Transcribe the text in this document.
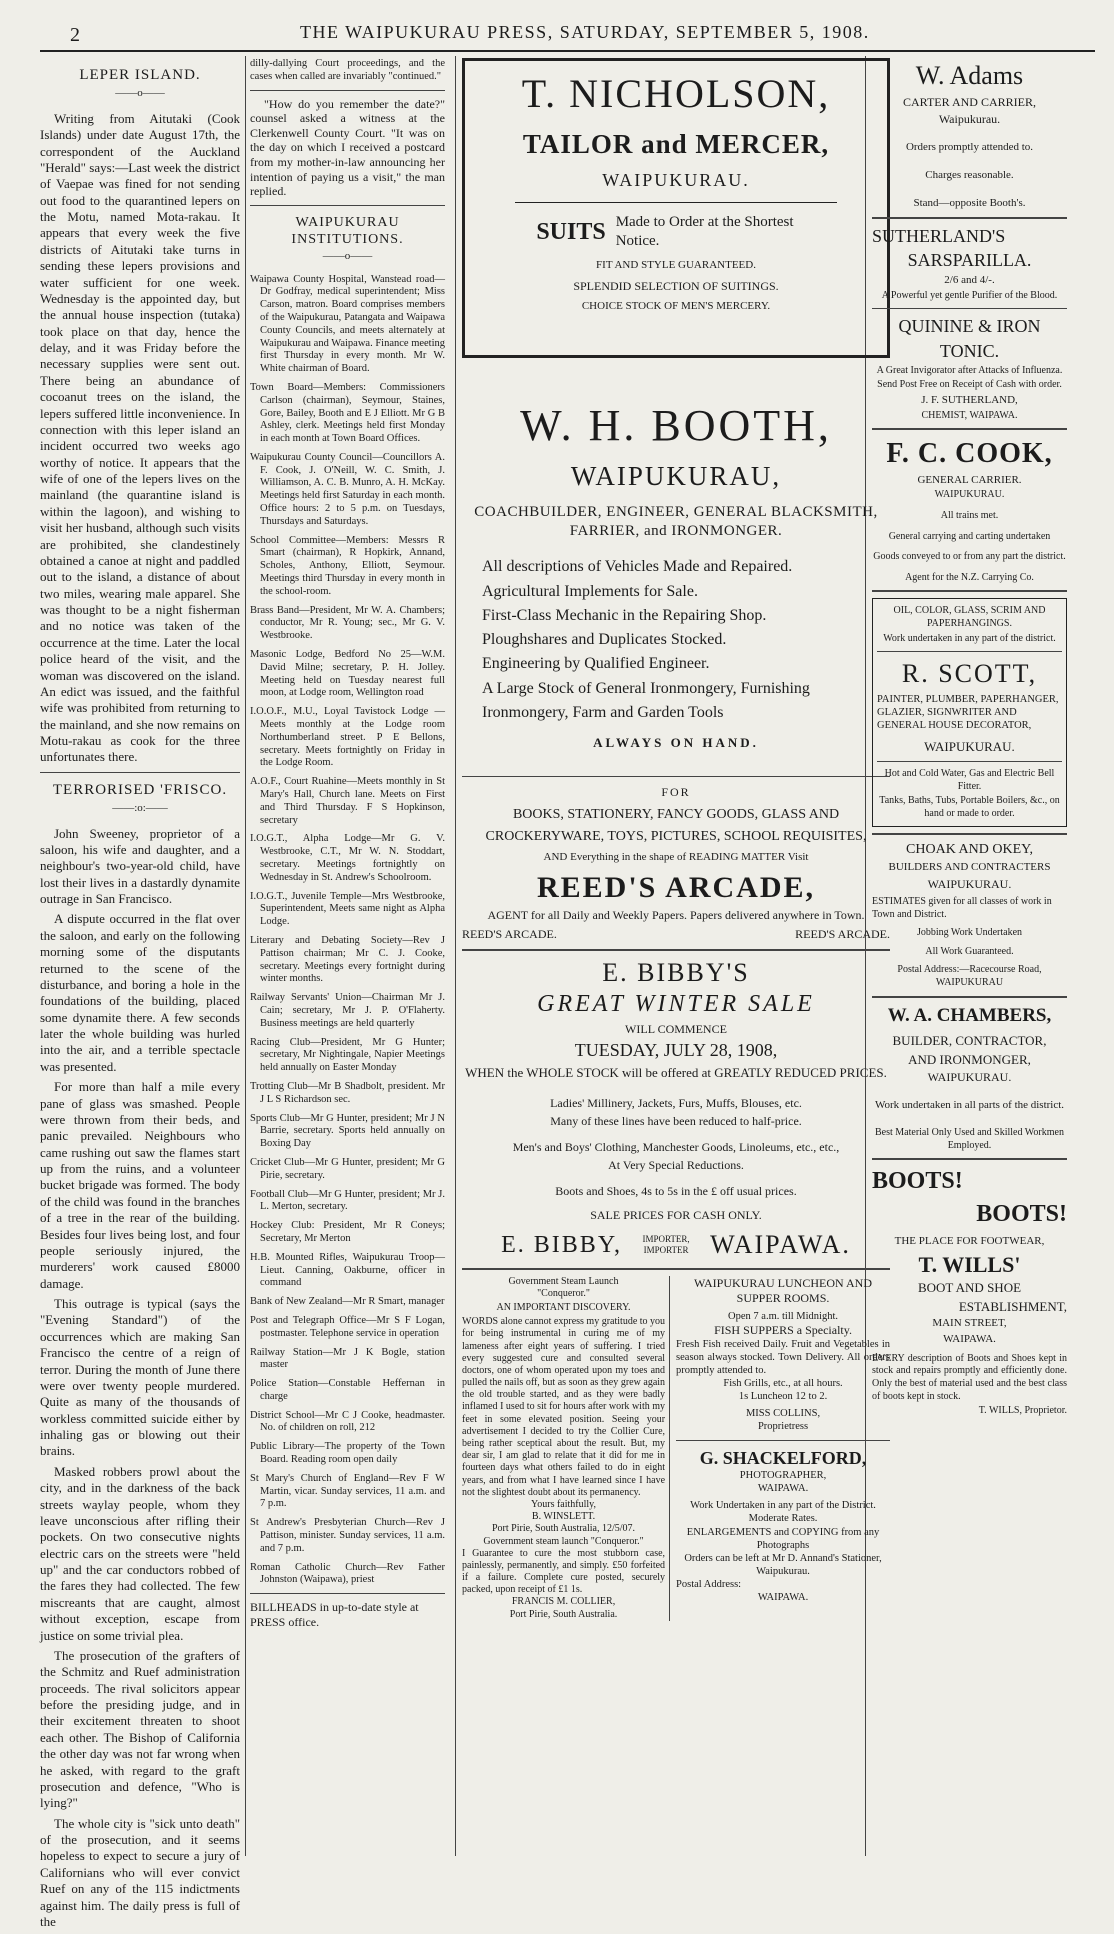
2	THE WAIPUKURAU PRESS, SATURDAY, SEPTEMBER 5, 1908.
LEPER ISLAND.
——o——

Writing from Aitutaki (Cook Islands) under date August 17th, the correspondent of the Auckland "Herald" says:—Last week the district of Vaepae was fined for not sending out food to the quarantined lepers on the Motu, named Mota-rakau. It appears that every week the five districts of Aitutaki take turns in sending these lepers provisions and water sufficient for one week. Wednesday is the appointed day, but the annual house inspection (tutaka) took place on that day, hence the delay, and it was Friday before the necessary supplies were sent out. There being an abundance of cocoanut trees on the island, the lepers suffered little inconvenience. In connection with this leper island an incident occurred two weeks ago worthy of notice. It appears that the wife of one of the lepers lives on the mainland (the quarantine island is within the lagoon), and wishing to visit her husband, although such visits are prohibited, she clandestinely obtained a canoe at night and paddled out to the island, a distance of about two miles, wearing male apparel. She was thought to be a night fisherman and no notice was taken of the occurrence at the time. Later the local police heard of the visit, and the woman was discovered on the island. An edict was issued, and the faithful wife was prohibited from returning to the mainland, and she now remains on Motu-rakau as cook for the three unfortunates there.

TERRORISED 'FRISCO.
——:o:——

John Sweeney, proprietor of a saloon, his wife and daughter, and a neighbour's two-year-old child, have lost their lives in a dastardly dynamite outrage in San Francisco.

A dispute occurred in the flat over the saloon, and early on the following morning some of the disputants returned to the scene of the disturbance, and boring a hole in the foundations of the building, placed some dynamite there. A few seconds later the whole building was hurled into the air, and a terrible spectacle was presented.

For more than half a mile every pane of glass was smashed. People were thrown from their beds, and panic prevailed. Neighbours who came rushing out saw the flames start up from the ruins, and a volunteer bucket brigade was formed. The body of the child was found in the branches of a tree in the rear of the building. Besides four lives being lost, and four people seriously injured, the murderers' work caused £8000 damage.

This outrage is typical (says the "Evening Standard") of the occurrences which are making San Francisco the centre of a reign of terror. During the month of June there were over twenty people murdered. Quite as many of the thousands of workless committed suicide either by inhaling gas or blowing out their brains.

Masked robbers prowl about the city, and in the darkness of the back streets waylay people, whom they leave unconscious after rifling their pockets. On two consecutive nights electric cars on the streets were "held up" and the car conductors robbed of the fares they had collected. The few miscreants that are caught, almost without exception, escape from justice on some trivial plea.

The prosecution of the grafters of the Schmitz and Ruef administration proceeds. The rival solicitors appear before the presiding judge, and in their excitement threaten to shoot each other. The Bishop of California the other day was not far wrong when he asked, with regard to the graft prosecution and defence, "Who is lying?"

The whole city is "sick unto death" of the prosecution, and it seems hopeless to expect to secure a jury of Californians who will ever convict Ruef on any of the 115 indictments against him. The daily press is full of the

dilly-dallying Court proceedings, and the cases when called are invariably "continued."

"How do you remember the date?" counsel asked a witness at the Clerkenwell County Court. "It was on the day on which I received a postcard from my mother-in-law announcing her intention of paying us a visit," the man replied.

WAIPUKURAU INSTITUTIONS.
——o——

Waipawa County Hospital, Wanstead road—Dr Godfray, medical superintendent; Miss Carson, matron. Board comprises members of the Waipukurau, Patangata and Waipawa County Councils, and meets alternately at Waipukurau and Waipawa. Finance meeting first Thursday in every month. Mr W. White chairman of Board.

Town Board—Members: Commissioners Carlson (chairman), Seymour, Staines, Gore, Bailey, Booth and E J Elliott. Mr G B Ashley, clerk. Meetings held first Monday in each month at Town Board Offices.

Waipukurau County Council—Councillors A. F. Cook, J. O'Neill, W. C. Smith, J. Williamson, A. C. B. Munro, A. H. McKay. Meetings held first Saturday in each month. Office hours: 2 to 5 p.m. on Tuesdays, Thursdays and Saturdays.

School Committee—Members: Messrs R Smart (chairman), R Hopkirk, Annand, Scholes, Anthony, Elliott, Seymour. Meetings third Thursday in every month in the school-room.

Brass Band—President, Mr W. A. Chambers; conductor, Mr R. Young; sec., Mr G. V. Westbrooke.

Masonic Lodge, Bedford No 25—W.M. David Milne; secretary, P. H. Jolley. Meeting held on Tuesday nearest full moon, at Lodge room, Wellington road

I.O.O.F., M.U., Loyal Tavistock Lodge —Meets monthly at the Lodge room Northumberland street. P E Bellons, secretary. Meets fortnightly on Friday in the Lodge Room.

A.O.F., Court Ruahine—Meets monthly in St Mary's Hall, Church lane. Meets on First and Third Thursday. F S Hopkinson, secretary

I.O.G.T., Alpha Lodge—Mr G. V. Westbrooke, C.T., Mr W. N. Stoddart, secretary. Meetings fortnightly on Wednesday in St. Andrew's Schoolroom.

I.O.G.T., Juvenile Temple—Mrs Westbrooke, Superintendent, Meets same night as Alpha Lodge.

Literary and Debating Society—Rev J Pattison chairman; Mr C. J. Cooke, secretary. Meetings every fortnight during winter months.

Railway Servants' Union—Chairman Mr J. Cain; secretary, Mr J. P. O'Flaherty. Business meetings are held quarterly

Racing Club—President, Mr G Hunter; secretary, Mr Nightingale, Napier Meetings held annually on Easter Monday

Trotting Club—Mr B Shadbolt, president. Mr J L S Richardson sec.

Sports Club—Mr G Hunter, president; Mr J N Barrie, secretary. Sports held annually on Boxing Day

Cricket Club—Mr G Hunter, president; Mr G Pirie, secretary.

Football Club—Mr G Hunter, president; Mr J. L. Merton, secretary.

Hockey Club: President, Mr R Coneys; Secretary, Mr Merton

H.B. Mounted Rifles, Waipukurau Troop—Lieut. Canning, Oakburne, officer in command

Bank of New Zealand—Mr R Smart, manager

Post and Telegraph Office—Mr S F Logan, postmaster. Telephone service in operation

Railway Station—Mr J K Bogle, station master

Police Station—Constable Heffernan in charge

District School—Mr C J Cooke, headmaster. No. of children on roll, 212

Public Library—The property of the Town Board. Reading room open daily

St Mary's Church of England—Rev F W Martin, vicar. Sunday services, 11 a.m. and 7 p.m.

St Andrew's Presbyterian Church—Rev J Pattison, minister. Sunday services, 11 a.m. and 7 p.m.

Roman Catholic Church—Rev Father Johnston (Waipawa), priest

BILLHEADS in up-to-date style at PRESS office.

T. NICHOLSON,
TAILOR and MERCER,
WAIPUKURAU.
SUITS Made to Order at the Shortest Notice.
FIT AND STYLE GUARANTEED.
SPLENDID SELECTION OF SUITINGS.
CHOICE STOCK OF MEN'S MERCERY.
W. H. BOOTH,
WAIPUKURAU,
COACHBUILDER, ENGINEER, GENERAL BLACKSMITH, FARRIER, and IRONMONGER.
All descriptions of Vehicles Made and Repaired.
Agricultural Implements for Sale.
First-Class Mechanic in the Repairing Shop.
Ploughshares and Duplicates Stocked.
Engineering by Qualified Engineer.
A Large Stock of General Ironmongery, Furnishing Ironmongery, Farm and Garden Tools
ALWAYS ON HAND.
FOR
BOOKS, STATIONERY, FANCY GOODS, GLASS AND CROCKERYWARE, TOYS, PICTURES, SCHOOL REQUISITES,
AND Everything in the shape of READING MATTER Visit
REED'S ARCADE,
AGENT for all Daily and Weekly Papers. Papers delivered anywhere in Town.
REED'S ARCADE.	REED'S ARCADE.
E. BIBBY'S
GREAT WINTER SALE
WILL COMMENCE
TUESDAY, JULY 28, 1908,
WHEN the WHOLE STOCK will be offered at GREATLY REDUCED PRICES.
Ladies' Millinery, Jackets, Furs, Muffs, Blouses, etc.
Many of these lines have been reduced to half-price.
Men's and Boys' Clothing, Manchester Goods, Linoleums, etc., etc.,
At Very Special Reductions.
Boots and Shoes, 4s to 5s in the £ off usual prices.
SALE PRICES FOR CASH ONLY.
E. BIBBY,	IMPORTER, IMPORTER WAIPAWA.
Government Steam Launch
"Conqueror."
AN IMPORTANT DISCOVERY.

WORDS alone cannot express my gratitude to you for being instrumental in curing me of my lameness after eight years of suffering. I tried every suggested cure and consulted several doctors, one of whom operated upon my toes and pulled the nails off, but as soon as they grew again the old trouble started, and as they were badly inflamed I used to sit for hours after work with my feet in some elevated position. Seeing your advertisement I decided to try the Collier Cure, being rather sceptical about the result. But, my dear sir, I am glad to relate that it did for me in fourteen days what others failed to do in eight years, and from what I have learned since I have not the slightest doubt about its permanency.

Yours faithfully,
B. WINSLETT.
Port Pirie, South Australia, 12/5/07.
Government steam launch "Conqueror."

I Guarantee to cure the most stubborn case, painlessly, permanently, and simply. £50 forfeited if a failure. Complete cure posted, securely packed, upon receipt of £1 1s.

FRANCIS M. COLLIER,
Port Pirie, South Australia.
WAIPUKURAU LUNCHEON AND SUPPER ROOMS.
Open 7 a.m. till Midnight.
FISH SUPPERS a Specialty.

Fresh Fish received Daily. Fruit and Vegetables in season always stocked. Town Delivery. All orders promptly attended to.

Fish Grills, etc., at all hours.
1s Luncheon 12 to 2.
MISS COLLINS,
Proprietress
G. SHACKELFORD,
PHOTOGRAPHER,
WAIPAWA.
Work Undertaken in any part of the District.
Moderate Rates.
ENLARGEMENTS and COPYING from any Photographs
Orders can be left at Mr D. Annand's Stationer, Waipukurau.
Postal Address:
WAIPAWA.

W. Adams

CARTER AND CARRIER,

Waipukurau.

Orders promptly attended to.

Charges reasonable.

Stand—opposite Booth's.

SUTHERLAND'S

SARSPARILLA.

2/6 and 4/-.

A Powerful yet gentle Purifier of the Blood.

QUININE & IRON

TONIC.

A Great Invigorator after Attacks of Influenza.

Send Post Free on Receipt of Cash with order.

J. F. SUTHERLAND,

CHEMIST, WAIPAWA.

F. C. COOK,

GENERAL CARRIER.

WAIPUKURAU.

All trains met.

General carrying and carting undertaken

Goods conveyed to or from any part the district.

Agent for the N.Z. Carrying Co.

OIL, COLOR, GLASS, SCRIM AND PAPERHANGINGS.

Work undertaken in any part of the district.

R. SCOTT,

PAINTER, PLUMBER, PAPERHANGER, GLAZIER, SIGNWRITER AND GENERAL HOUSE DECORATOR,

WAIPUKURAU.

Hot and Cold Water, Gas and Electric Bell Fitter.

Tanks, Baths, Tubs, Portable Boilers, &c., on hand or made to order.

CHOAK AND OKEY,

BUILDERS AND CONTRACTERS

WAIPUKURAU.

ESTIMATES given for all classes of work in Town and District.

Jobbing Work Undertaken

All Work Guaranteed.

Postal Address:—Racecourse Road, WAIPUKURAU

W. A. CHAMBERS,

BUILDER, CONTRACTOR,

AND IRONMONGER,

WAIPUKURAU.

Work undertaken in all parts of the district.

Best Material Only Used and Skilled Workmen Employed.

BOOTS!

BOOTS!

THE PLACE FOR FOOTWEAR,

T. WILLS'

BOOT AND SHOE

ESTABLISHMENT,

MAIN STREET,

WAIPAWA.

EVERY description of Boots and Shoes kept in stock and repairs promptly and efficiently done. Only the best of material used and the best class of boots kept in stock.

T. WILLS, Proprietor.
